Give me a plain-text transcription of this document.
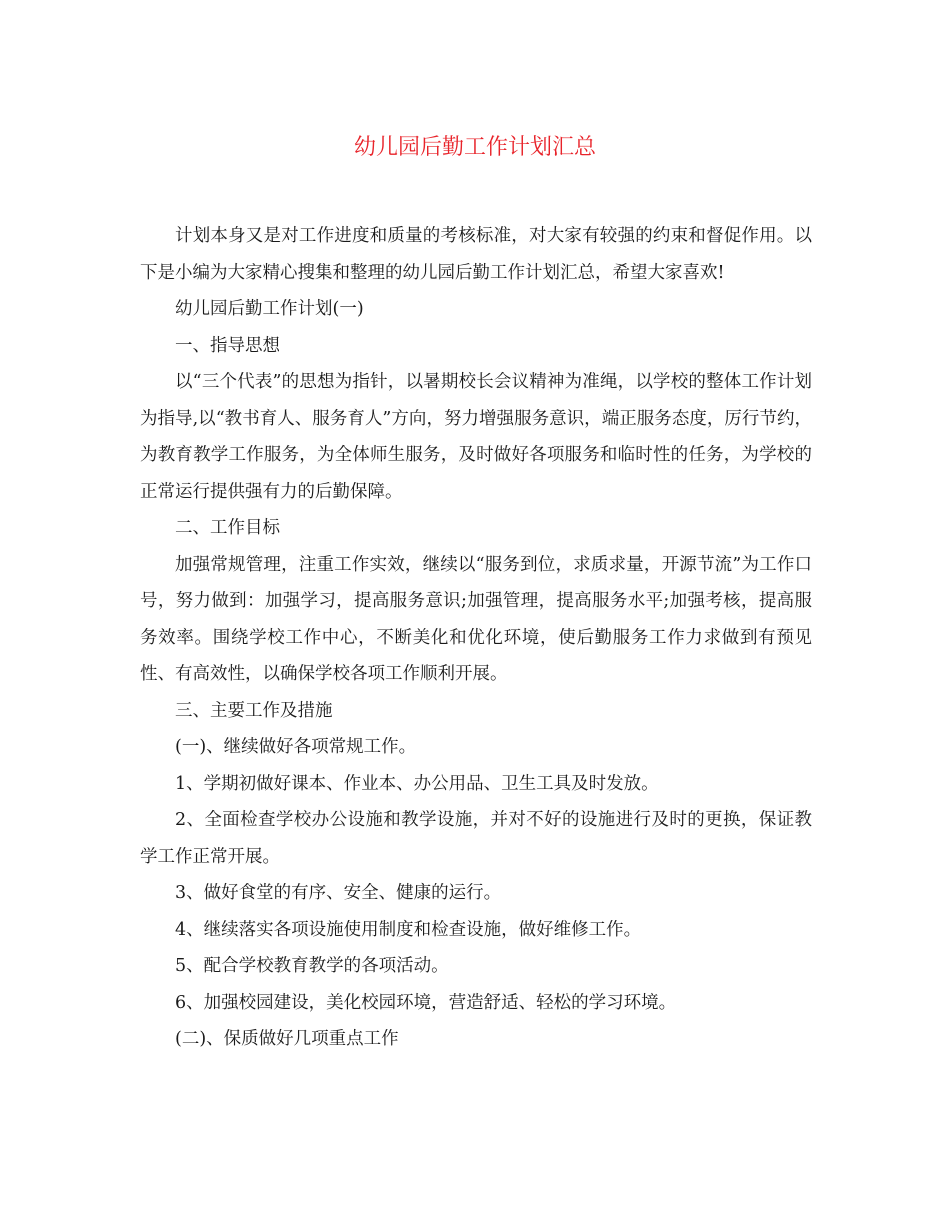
幼儿园后勤工作计划汇总

计划本身又是对工作进度和质量的考核标准，对大家有较强的约束和督促作用。以下是小编为大家精心搜集和整理的幼儿园后勤工作计划汇总，希望大家喜欢!

幼儿园后勤工作计划(一)

一、指导思想

以“三个代表”的思想为指针，以暑期校长会议精神为准绳，以学校的整体工作计划为指导,以“教书育人、服务育人”方向，努力增强服务意识，端正服务态度，厉行节约，为教育教学工作服务，为全体师生服务，及时做好各项服务和临时性的任务，为学校的正常运行提供强有力的后勤保障。

二、工作目标

加强常规管理，注重工作实效，继续以“服务到位，求质求量，开源节流”为工作口号，努力做到：加强学习，提高服务意识;加强管理，提高服务水平;加强考核，提高服务效率。围绕学校工作中心，不断美化和优化环境，使后勤服务工作力求做到有预见性、有高效性，以确保学校各项工作顺利开展。

三、主要工作及措施

(一)、继续做好各项常规工作。

1、学期初做好课本、作业本、办公用品、卫生工具及时发放。

2、全面检查学校办公设施和教学设施，并对不好的设施进行及时的更换，保证教学工作正常开展。

3、做好食堂的有序、安全、健康的运行。

4、继续落实各项设施使用制度和检查设施，做好维修工作。

5、配合学校教育教学的各项活动。

6、加强校园建设，美化校园环境，营造舒适、轻松的学习环境。

(二)、保质做好几项重点工作
